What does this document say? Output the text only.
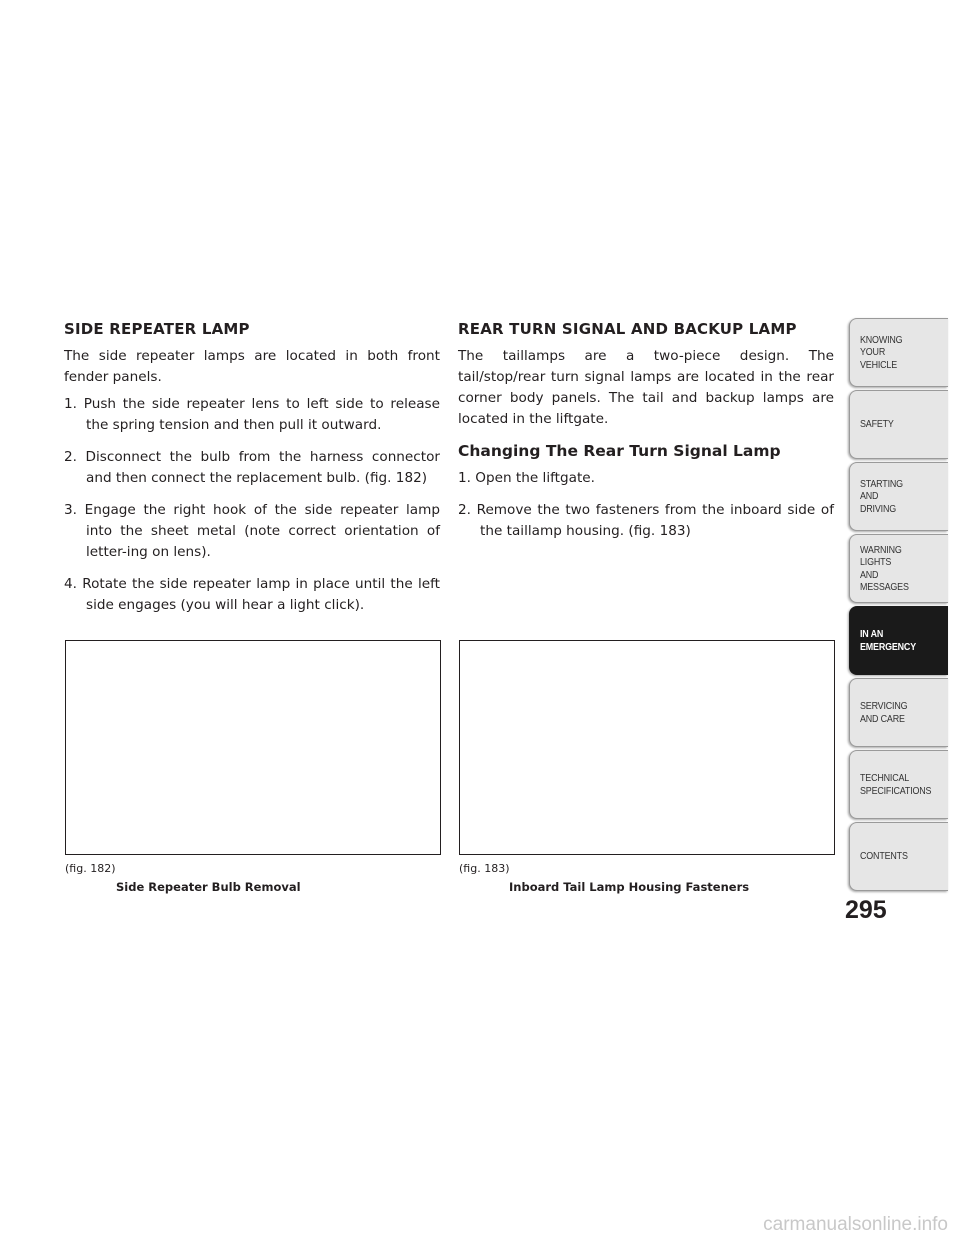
SIDE REPEATER LAMP

The side repeater lamps are located in both front fender panels.

1. Push the side repeater lens to left side to release the spring tension and then pull it outward.
2. Disconnect the bulb from the harness connector and then connect the replacement bulb. (fig. 182)
3. Engage the right hook of the side repeater lamp into the sheet metal (note correct orientation of letter-ing on lens).
4. Rotate the side repeater lamp in place until the left side engages (you will hear a light click).
REAR TURN SIGNAL AND BACKUP LAMP

The taillamps are a two-piece design. The tail/stop/rear turn signal lamps are located in the rear corner body panels. The tail and backup lamps are located in the liftgate.

Changing The Rear Turn Signal Lamp
1. Open the liftgate.
2. Remove the two fasteners from the inboard side of the taillamp housing. (fig. 183)
(fig. 182)
Side Repeater Bulb Removal
(fig. 183)
Inboard Tail Lamp Housing Fasteners
KNOWING
YOUR
VEHICLE
SAFETY
STARTING
AND
DRIVING
WARNING
LIGHTS
AND
MESSAGES
IN AN
EMERGENCY
SERVICING
AND CARE
TECHNICAL
SPECIFICATIONS
CONTENTS
295
carmanualsonline.info
